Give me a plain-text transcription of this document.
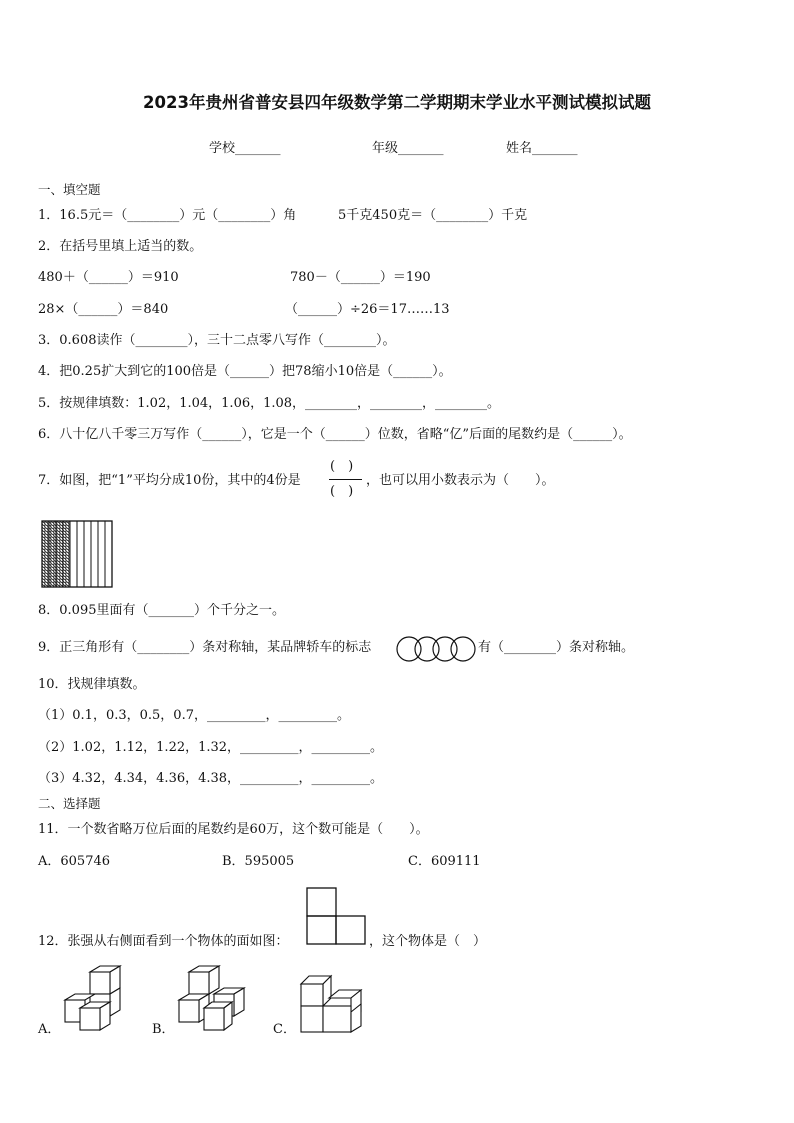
2023年贵州省普安县四年级数学第二学期期末学业水平测试模拟试题
学校_______	年级_______	姓名_______
一、填空题
1．16.5元＝（________）元（________）角	5千克450克＝（________）千克
2．在括号里填上适当的数。
480＋（______）＝910	780－（______）＝190
28×（______）＝840	（______）÷26＝17……13
3．0.608读作（________），三十二点零八写作（________）。
4．把0.25扩大到它的100倍是（______）把78缩小10倍是（______）。
5．按规律填数：1.02，1.04，1.06，1.08，________，________，________。
6．八十亿八千零三万写作（______），它是一个（______）位数，省略“亿”后面的尾数约是（______）。
7．如图，把“1”平均分成10份，其中的4份是
(　)
(　)
，也可以用小数表示为（　　）。
8．0.095里面有（_______）个千分之一。
9．正三角形有（________）条对称轴，某品牌轿车的标志	有（________）条对称轴。
10．找规律填数。
（1）0.1，0.3，0.5，0.7，_________，_________。
（2）1.02，1.12，1.22，1.32，_________，_________。
（3）4.32，4.34，4.36，4.38，_________，_________。
二、选择题
11．一个数省略万位后面的尾数约是60万，这个数可能是（　　）。
A．605746	B．595005	C．609111
12．张强从右侧面看到一个物体的面如图：	，这个物体是（　）
A．	B．	C．
